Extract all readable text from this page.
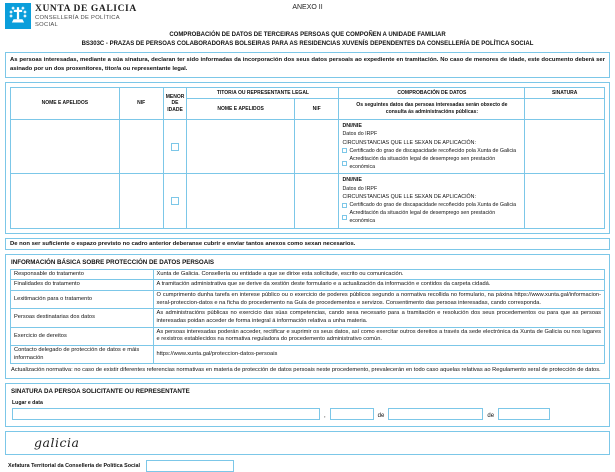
XUNTA DE GALICIA
CONSELLERÍA DE POLÍTICA SOCIAL
ANEXO II
COMPROBACIÓN DE DATOS DE TERCEIRAS PERSOAS QUE COMPOÑEN A UNIDADE FAMILIAR
BS303C - PRAZAS DE PERSOAS COLABORADORAS BOLSEIRAS PARA AS RESIDENCIAS XUVENÍS DEPENDENTES DA CONSELLERÍA DE POLÍTICA SOCIAL
As persoas interesadas, mediante a súa sinatura, declaran ter sido informadas da incorporación dos seus datos persoais ao expediente en tramitación. No caso de menores de idade, este documento deberá ser asinado por un dos proxenitores, titor/a ou representante legal.
NOME E APELIDOS	NIF	MENOR DE IDADE	TITOR/A OU REPRESENTANTE LEGAL		COMPROBACIÓN DE DATOS	SINATURA
			NOME E APELIDOS	NIF	Os seguintes datos das persoas interesadas serán obxecto de consulta ás administracións públicas:	

					DNI/NIE
Datos do IRPF
CIRCUNSTANCIAS QUE LLE SEXAN DE APLICACIÓN:
Certificado do grao de discapacidade recoñecido pola Xunta de Galicia
Acreditación da situación legal de desemprego sen prestación económica	

					DNI/NIE
Datos do IRPF
CIRCUNSTANCIAS QUE LLE SEXAN DE APLICACIÓN:
Certificado do grao de discapacidade recoñecido pola Xunta de Galicia
Acreditación da situación legal de desemprego sen prestación económica	

De non ser suficiente o espazo previsto no cadro anterior deberanse cubrir e enviar tantos anexos como sexan necesarios.
INFORMACIÓN BÁSICA SOBRE PROTECCIÓN DE DATOS PERSOAIS
Responsable do tratamento	Xunta de Galicia. Consellería ou entidade a que se dirixe esta solicitude, escrito ou comunicación.
Finalidades do tratamento	A tramitación administrativa que se derive da xestión deste formulario e a actualización da información e contidos da carpeta cidadá.
Lexitimación para o tratamento	O cumprimento dunha tarefa en interese público ou o exercicio de poderes públicos segundo a normativa recollida no formulario, na páxina https://www.xunta.gal/informacion-xeral-proteccion-datos e na ficha do procedemento na Guía de procedementos e servizos. Consentimento das persoas interesadas, cando corresponda.
Persoas destinatarias dos datos	As administracións públicas no exercicio das súas competencias, cando sexa necesario para a tramitación e resolución dos seus procedementos ou para que as persoas interesadas poidan acceder de forma integral á información relativa a unha materia.
Exercicio de dereitos	As persoas interesadas poderán acceder, rectificar e suprimir os seus datos, así como exercitar outros dereitos a través da sede electrónica da Xunta de Galicia ou nos lugares e rexistros establecidos na normativa reguladora do procedemento administrativo común.
Contacto delegado de protección de datos e máis información	https://www.xunta.gal/proteccion-datos-persoais
Actualización normativa: no caso de existir diferentes referencias normativas en materia de protección de datos persoais neste procedemento, prevalecerán en todo caso aquelas relativas ao Regulamento xeral de protección de datos.
SINATURA DA PERSOA SOLICITANTE OU REPRESENTANTE
Lugar e data
,	de	de
galicia
Xefatura Territorial da Consellería de Política Social
